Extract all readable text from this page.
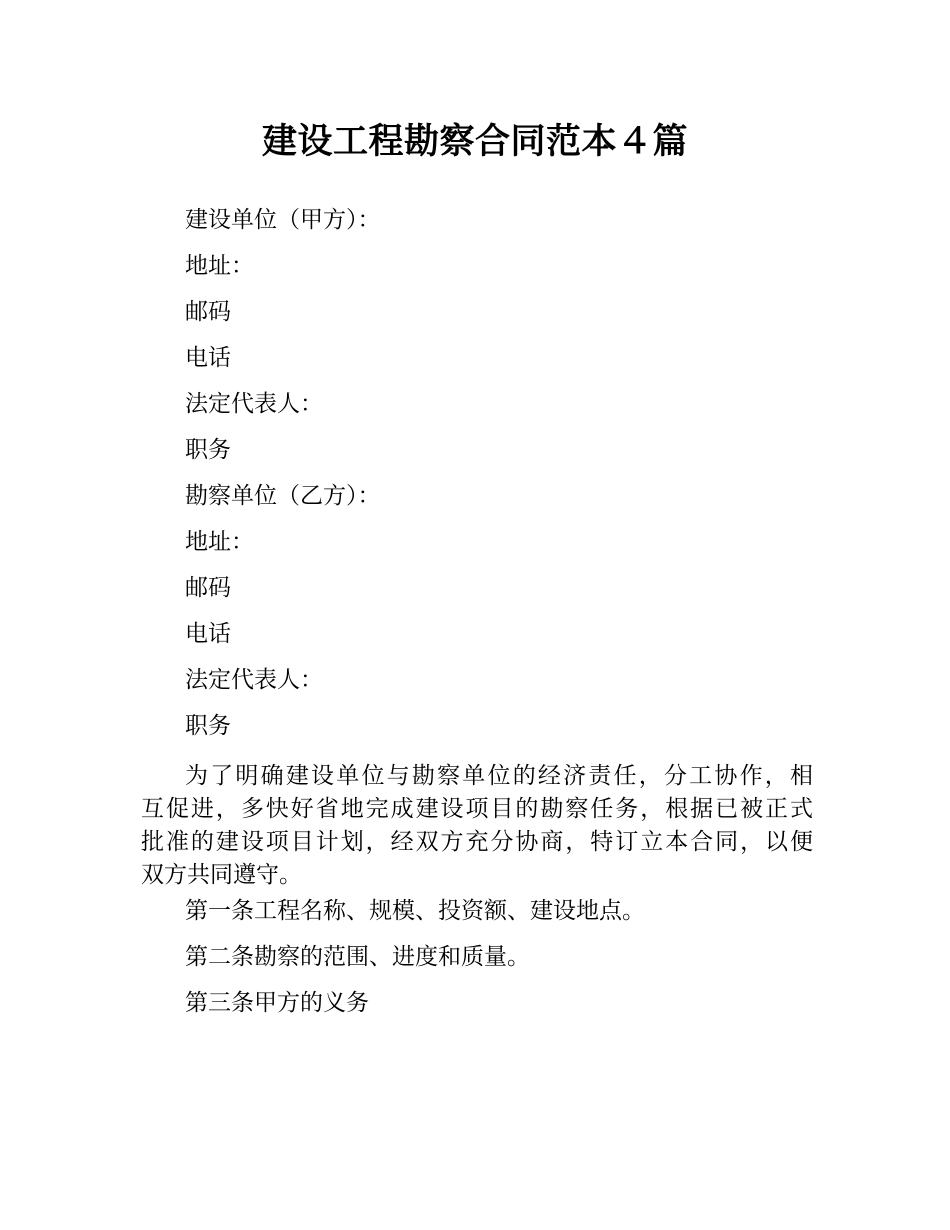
建设工程勘察合同范本４篇

建设单位（甲方）：

地址：

邮码

电话

法定代表人：

职务

勘察单位（乙方）：

地址：

邮码

电话

法定代表人：

职务

为了明确建设单位与勘察单位的经济责任，分工协作，相
互促进，多快好省地完成建设项目的勘察任务，根据已被正式
批准的建设项目计划，经双方充分协商，特订立本合同，以便
双方共同遵守。

第一条工程名称、规模、投资额、建设地点。

第二条勘察的范围、进度和质量。

第三条甲方的义务
